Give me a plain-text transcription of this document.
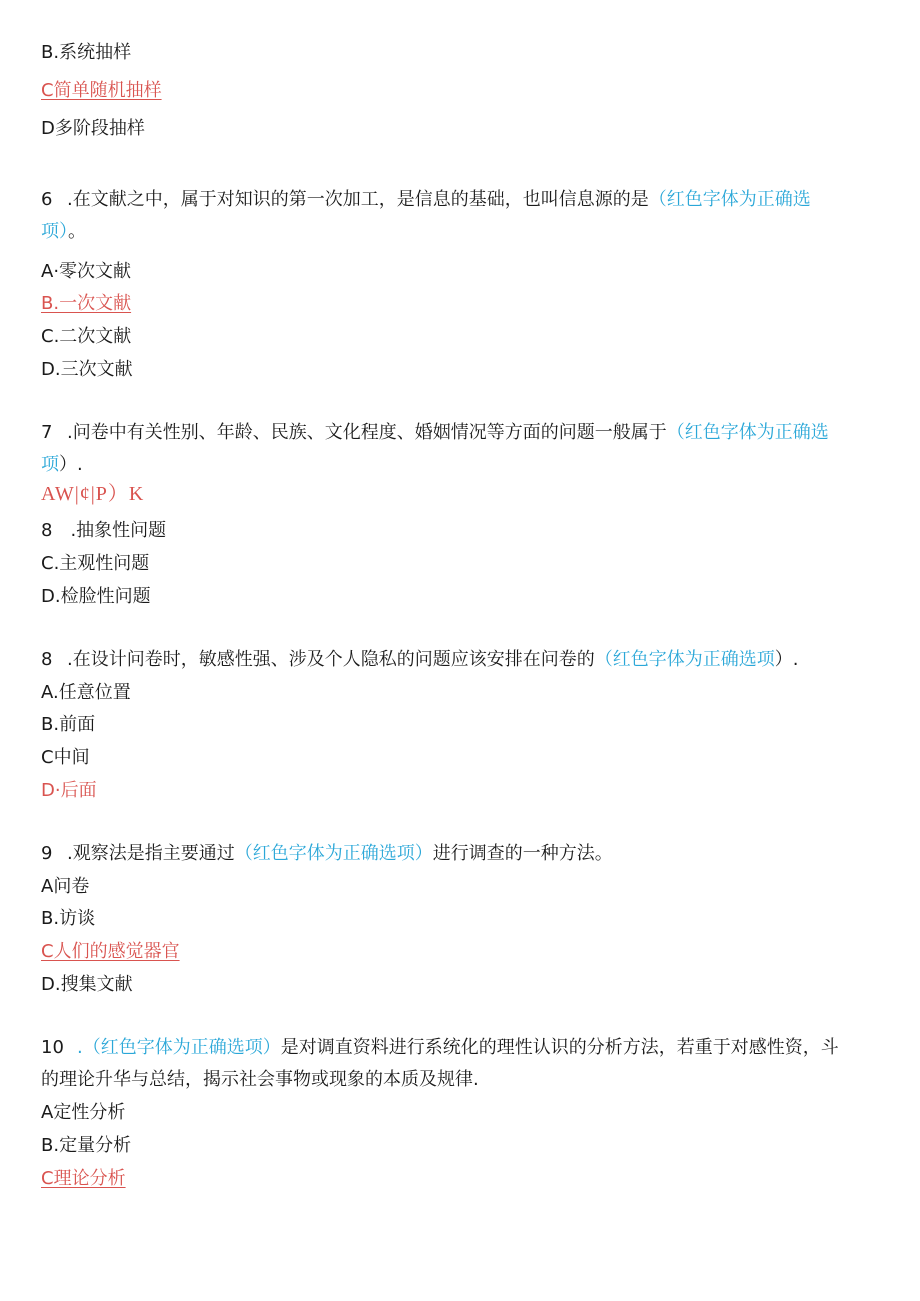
B.系统抽样
C简单随机抽样
D多阶段抽样
6 .在文献之中，属于对知识的第一次加工，是信息的基础，也叫信息源的是（红色字体为正确选
项）。
A·零次文献
B.一次文献
C.二次文献
D.三次文献
7 .问卷中有关性别、年龄、民族、文化程度、婚姻情况等方面的问题一般属于（红色字体为正确选
项）.
AW|¢|P）K
8　.抽象性问题
C.主观性问题
D.检脸性问题
8 .在设计问卷时，敏感性强、涉及个人隐私的问题应该安排在问卷的（红色字体为正确选项）.
A.任意位置
B.前面
C中间
D·后面
9 .观察法是指主要通过（红色字体为正确选项）进行调查的一种方法。
A问卷
B.访谈
C人们的感觉器官
D.搜集文献
10 .（红色字体为正确选项）是对调直资料进行系统化的理性认识的分析方法，若重于对感性资，斗
的理论升华与总结，揭示社会事物或现象的本质及规律.
A定性分析
B.定量分析
C理论分析
